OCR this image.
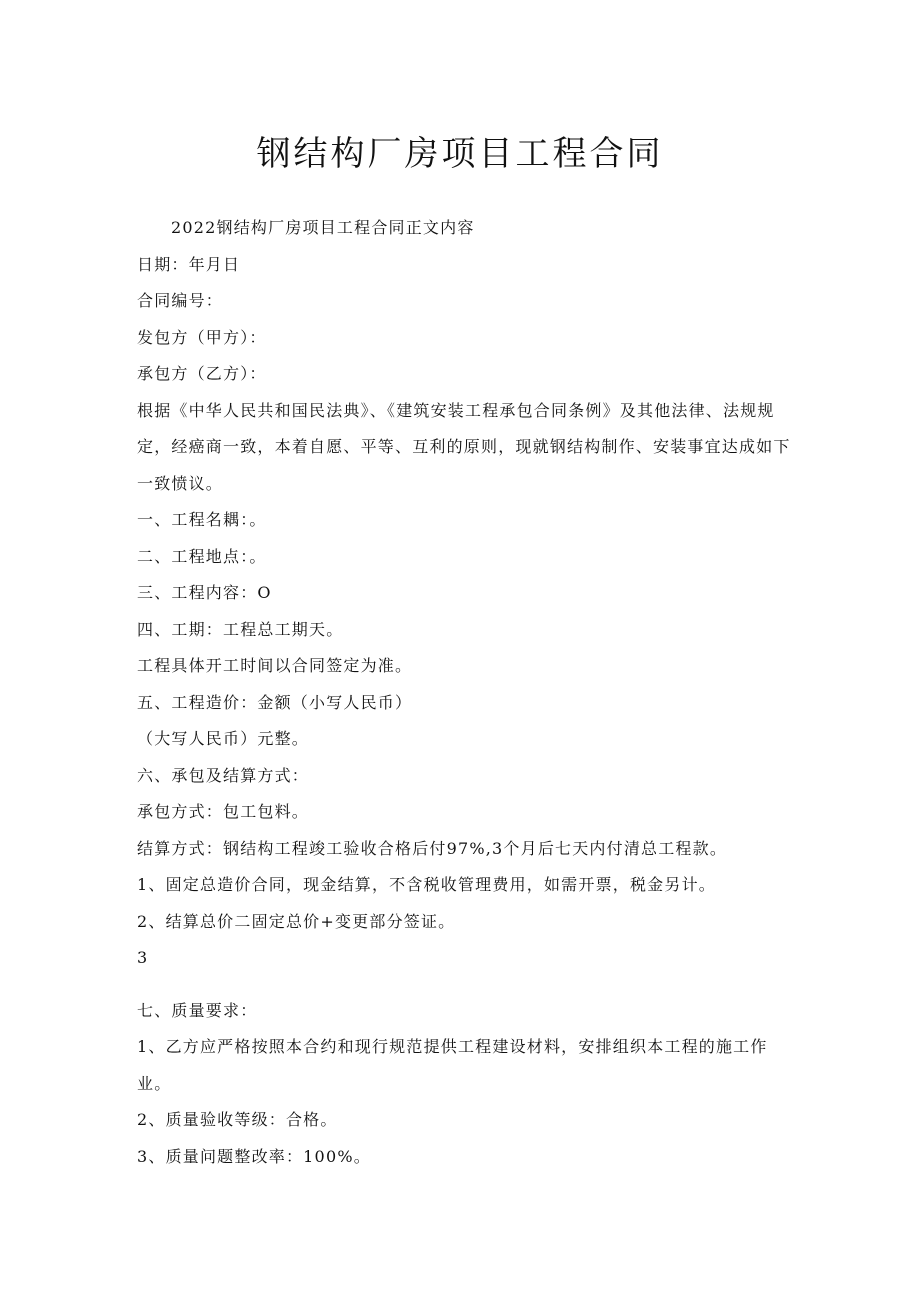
钢结构厂房项目工程合同
2022钢结构厂房项目工程合同正文内容
日期：年月日
合同编号：
发包方（甲方）：
承包方（乙方）：
根据《中华人民共和国民法典》、《建筑安装工程承包合同条例》及其他法律、法规规
定，经癌商一致，本着自愿、平等、互利的原则，现就钢结构制作、安装事宜达成如下
一致愤议。
一、工程名耦：。
二、工程地点：。
三、工程内容：O
四、工期：工程总工期天。
工程具体开工时间以合同签定为准。
五、工程造价：金额（小写人民币）
（大写人民币）元整。
六、承包及结算方式：
承包方式：包工包料。
结算方式：钢结构工程竣工验收合格后付97%,3个月后七天内付清总工程款。
1、固定总造价合同，现金结算，不含税收管理费用，如需开票，税金另计。
2、结算总价二固定总价+变更部分签证。
3
七、质量要求：
1、乙方应严格按照本合约和现行规范提供工程建设材料，安排组织本工程的施工作
业。
2、质量验收等级：合格。
3、质量问题整改率：100%。
